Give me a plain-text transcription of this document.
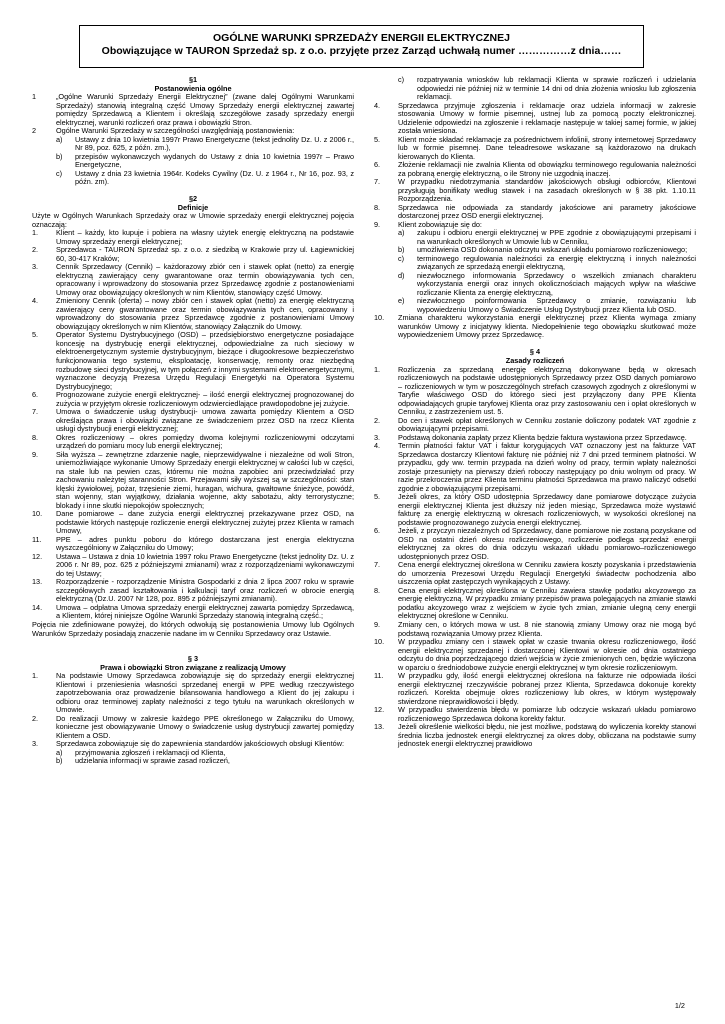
OGÓLNE WARUNKI SPRZEDAŻY ENERGII ELEKTRYCZNEJ
Obowiązujące w TAURON Sprzedaż sp. z o.o. przyjęte przez Zarząd uchwałą numer ……………z dnia……
§1
Postanowienia ogólne
1	„Ogólne Warunki Sprzedaży Energii Elektrycznej” (zwane dalej Ogólnymi Warunkami Sprzedaży) stanowią integralną część Umowy Sprzedaży energii elektrycznej zawartej pomiędzy Sprzedawcą a Klientem i określają szczegółowe zasady sprzedaży energii elektrycznej, warunki rozliczeń oraz prawa i obowiązki Stron.
2	Ogólne Warunki Sprzedaży w szczególności uwzględniają postanowienia:
a)	Ustawy z dnia 10 kwietnia 1997r Prawo Energetyczne (tekst jednolity Dz. U. z 2006 r., Nr 89, poz. 625, z późn. zm.),
b)	przepisów wykonawczych wydanych do Ustawy z dnia 10 kwietnia 1997r – Prawo Energetyczne,
c)	Ustawy z dnia 23 kwietnia 1964r. Kodeks Cywilny (Dz. U. z 1964 r., Nr 16, poz. 93, z późn. zm).
§2
Definicje
Użyte w Ogólnych Warunkach Sprzedaży oraz w Umowie sprzedaży energii elektrycznej pojęcia oznaczają:
1.	Klient – każdy, kto kupuje i pobiera na własny użytek energię elektryczną na podstawie Umowy sprzedaży energii elektrycznej;
2.	Sprzedawca - TAURON Sprzedaż sp. z o.o. z siedzibą w Krakowie przy ul. Łagiewnickiej 60, 30-417 Kraków;
3.	Cennik Sprzedawcy (Cennik) – każdorazowy zbiór cen i stawek opłat (netto) za energię elektryczną zawierający ceny gwarantowane oraz termin obowiązywania tych cen, opracowany i wprowadzony do stosowania przez Sprzedawcę zgodnie z postanowieniami Umowy oraz obowiązujący określonych w nim Klientów, stanowiący część Umowy.
4.	Zmieniony Cennik (oferta) – nowy zbiór cen i stawek opłat (netto) za energię elektryczną zawierający ceny gwarantowane oraz termin obowiązywania tych cen, opracowany i wprowadzony do stosowania przez Sprzedawcę zgodnie z postanowieniami Umowy obowiązujący określonych w nim Klientów, stanowiący Załącznik do Umowy.
5.	Operator Systemu Dystrybucyjnego (OSD) – przedsiębiorstwo energetyczne posiadające koncesję na dystrybucję energii elektrycznej, odpowiedzialne za ruch sieciowy w elektroenergetycznym systemie dystrybucyjnym, bieżące i długookresowe bezpieczeństwo funkcjonowania tego systemu, eksploatację, konserwację, remonty oraz niezbędną rozbudowę sieci dystrybucyjnej, w tym połączeń z innymi systemami elektroenergetycznymi, wyznaczone decyzją Prezesa Urzędu Regulacji Energetyki na Operatora Systemu Dystrybucyjnego;
6.	Prognozowane zużycie energii elektrycznej- – ilość energii elektrycznej prognozowanej do zużycia w przyjętym okresie rozliczeniowym odzwierciedlające prawdopodobne jej zużycie.
7.	Umowa o świadczenie usług dystrybucji- umowa zawarta pomiędzy Klientem a OSD określająca prawa i obowiązki związane ze świadczeniem przez OSD na rzecz Klienta usługi dystrybucji energii elektrycznej;
8.	Okres rozliczeniowy – okres pomiędzy dwoma kolejnymi rozliczeniowymi odczytami urządzeń do pomiaru mocy lub energii elektrycznej;
9.	Siła wyższa – zewnętrzne zdarzenie nagłe, nieprzewidywalne i niezależne od woli Stron, uniemożliwiające wykonanie Umowy Sprzedaży energii elektrycznej w całości lub w części, na stałe lub na pewien czas, któremu nie można zapobiec ani przeciwdziałać przy zachowaniu należytej staranności Stron. Przejawami siły wyższej są w szczególności: stan klęski żywiołowej, pożar, trzęsienie ziemi, huragan, wichura, gwałtowne śnieżyce, powódź, stan wojenny, stan wyjątkowy, działania wojenne, akty sabotażu, akty terrorystyczne; blokady i inne skutki niepokojów społecznych;
10.	Dane pomiarowe – dane zużycia energii elektrycznej przekazywane przez OSD, na podstawie których następuje rozliczenie energii elektrycznej zużytej przez Klienta w ramach Umowy,
11.	PPE – adres punktu poboru do którego dostarczana jest energia elektryczna wyszczególniony w Załączniku do Umowy;
12.	Ustawa – Ustawa z dnia 10 kwietnia 1997 roku Prawo Energetyczne (tekst jednolity Dz. U. z 2006 r. Nr 89, poz. 625 z późniejszymi zmianami) wraz z rozporządzeniami wykonawczymi do tej Ustawy;
13.	Rozporządzenie - rozporządzenie Ministra Gospodarki z dnia 2 lipca 2007 roku w sprawie szczegółowych zasad kształtowania i kalkulacji taryf oraz rozliczeń w obrocie energią elektryczną (Dz.U. 2007 Nr 128, poz. 895 z późniejszymi zmianami).
14.	Umowa – odpłatna Umowa sprzedaży energii elektrycznej zawarta pomiędzy Sprzedawcą, a Klientem, której niniejsze Ogólne Warunki Sprzedaży stanowią integralną część.;
Pojęcia nie zdefiniowane powyżej, do których odwołują się postanowienia Umowy lub Ogólnych Warunków Sprzedaży posiadają znaczenie nadane im w Cenniku Sprzedawcy oraz Ustawie.
§ 3
Prawa i obowiązki Stron związane z realizacją Umowy
1.	Na podstawie Umowy Sprzedawca zobowiązuje się do sprzedaży energii elektrycznej Klientowi i przeniesienia własności sprzedanej energii w PPE według rzeczywistego zapotrzebowania oraz prowadzenie bilansowania handlowego a Klient do jej zakupu i odbioru oraz terminowej zapłaty należności z tego tytułu na warunkach określonych w Umowie.
2.	Do realizacji Umowy w zakresie każdego PPE określonego w Załączniku do Umowy, konieczne jest obowiązywanie Umowy o świadczenie usług dystrybucji zawartej pomiędzy Klientem a OSD.
3.	Sprzedawca zobowiązuje się do zapewnienia standardów jakościowych obsługi Klientów:
a)	przyjmowania zgłoszeń i reklamacji od Klienta,
b)	udzielania informacji w sprawie zasad rozliczeń,
c)	rozpatrywania wniosków lub reklamacji Klienta w sprawie rozliczeń i udzielania odpowiedzi nie później niż w terminie 14 dni od dnia złożenia wniosku lub zgłoszenia reklamacji.
4.	Sprzedawca przyjmuje zgłoszenia i reklamacje oraz udziela informacji w zakresie stosowania Umowy w formie pisemnej, ustnej lub za pomocą poczty elektronicznej. Udzielenie odpowiedzi na zgłoszenie i reklamacje następuje w takiej samej formie, w jakiej została wniesiona.
5.	Klient może składać reklamacje za pośrednictwem infolinii, strony internetowej Sprzedawcy lub w formie pisemnej. Dane teleadresowe wskazane są każdorazowo na drukach kierowanych do Klienta.
6.	Złożenie reklamacji nie zwalnia Klienta od obowiązku terminowego regulowania należności za pobraną energię elektryczną, o ile Strony nie uzgodnią inaczej.
7.	W przypadku niedotrzymania standardów jakościowych obsługi odbiorców, Klientowi przysługują bonifikaty według stawek i na zasadach określonych w § 38 pkt. 1.10.11 Rozporządzenia.
8.	Sprzedawca nie odpowiada za standardy jakościowe ani parametry jakościowe dostarczonej przez OSD energii elektrycznej.
9.	Klient zobowiązuje się do:
a)	zakupu i odbioru energii elektrycznej w PPE zgodnie z obowiązującymi przepisami i na warunkach określonych w Umowie lub w Cenniku,
b)	umożliwienia OSD dokonania odczytu wskazań układu pomiarowo rozliczeniowego;
c)	terminowego regulowania należności za energię elektryczną i innych należności związanych ze sprzedażą energii elektryczną,
d)	niezwłocznego informowania Sprzedawcy o wszelkich zmianach charakteru wykorzystania energii oraz innych okolicznościach mających wpływ na właściwe rozliczanie Klienta za energię elektryczną,
e)	niezwłocznego poinformowania Sprzedawcy o zmianie, rozwiązaniu lub wypowiedzeniu Umowy o Świadczenie Usług Dystrybucji przez Klienta lub OSD.
10.	Zmiana charakteru wykorzystania energii elektrycznej przez Klienta wymaga zmiany warunków Umowy z inicjatywy klienta. Niedopełnienie tego obowiązku skutkować może wypowiedzeniem Umowy przez Sprzedawcę.
§ 4
Zasady rozliczeń
1.	Rozliczenia za sprzedaną energię elektryczną dokonywane będą w okresach rozliczeniowych na podstawie udostępnionych Sprzedawcy przez OSD danych pomiarowo – rozliczeniowych w tym w poszczególnych strefach czasowych zgodnych z określonymi w Taryfie właściwego OSD do którego sieci jest przyłączony dany PPE Klienta odpowiadających grupie taryfowej Klienta oraz przy zastosowaniu cen i opłat określonych w Cenniku, z zastrzeżeniem ust. 5.
2.	Do cen i stawek opłat określonych w Cenniku zostanie doliczony podatek VAT zgodnie z obowiązującymi przepisami.
3.	Podstawą dokonania zapłaty przez Klienta będzie faktura wystawiona przez Sprzedawcę.
4.	Termin płatności faktur VAT i faktur korygujących VAT oznaczony jest na fakturze VAT Sprzedawca dostarczy Klientowi fakturę nie później niż 7 dni przed terminem płatności. W przypadku, gdy ww. termin przypada na dzień wolny od pracy, termin wpłaty należności zostaje przesunięty na pierwszy dzień roboczy następujący po dniu wolnym od pracy. W razie przekroczenia przez Klienta terminu płatności Sprzedawca ma prawo naliczyć odsetki zgodnie z obowiązującymi przepisami.
5.	Jeżeli okres, za który OSD udostępnia Sprzedawcy dane pomiarowe dotyczące zużycia energii elektrycznej Klienta jest dłuższy niż jeden miesiąc, Sprzedawca może wystawić fakturę za energię elektryczną w okresach rozliczeniowych, w wysokości określonej na podstawie prognozowanego zużycia energii elektrycznej.
6.	Jeżeli, z przyczyn niezależnych od Sprzedawcy, dane pomiarowe nie zostaną pozyskane od OSD na ostatni dzień okresu rozliczeniowego, rozliczenie podlega sprzedaż energii elektrycznej za okres do dnia odczytu wskazań układu pomiarowo–rozliczeniowego udostępnionych przez OSD.
7.	Cena energii elektrycznej określona w Cenniku zawiera koszty pozyskania i przedstawienia do umorzenia Prezesowi Urzędu Regulacji Energetyki świadectw pochodzenia albo uiszczenia opłat zastępczych wynikających z Ustawy.
8.	Cena energii elektrycznej określona w Cenniku zawiera stawkę podatku akcyzowego za energię elektryczną. W przypadku zmiany przepisów prawa polegających na zmianie stawki podatku akcyzowego wraz z wejściem w życie tych zmian, zmianie ulegną ceny energii elektrycznej określone w Cenniku.
9.	Zmiany cen, o których mowa w ust. 8 nie stanowią zmiany Umowy oraz nie mogą być podstawą rozwiązania Umowy przez Klienta.
10.	W przypadku zmiany cen i stawek opłat w czasie trwania okresu rozliczeniowego, ilość energii elektrycznej sprzedanej i dostarczonej Klientowi w okresie od dnia ostatniego odczytu do dnia poprzedzającego dzień wejścia w życie zmienionych cen, będzie wyliczona w oparciu o średniodobowe zużycie energii elektrycznej w tym okresie rozliczeniowym.
11.	W przypadku gdy, ilość energii elektrycznej określona na fakturze nie odpowiada ilości energii elektrycznej rzeczywiście pobranej przez Klienta, Sprzedawca dokonuje korekty rozliczeń. Korekta obejmuje okres rozliczeniowy lub okres, w którym występowały stwierdzone nieprawidłowości i błędy.
12.	W przypadku stwierdzenia błędu w pomiarze lub odczycie wskazań układu pomiarowo rozliczeniowego Sprzedawca dokona korekty faktur.
13.	Jeżeli określenie wielkości błędu, nie jest możliwe, podstawą do wyliczenia korekty stanowi średnia liczba jednostek energii elektrycznej za okres doby, obliczana na podstawie sumy jednostek energii elektrycznej prawidłowo
1/2
